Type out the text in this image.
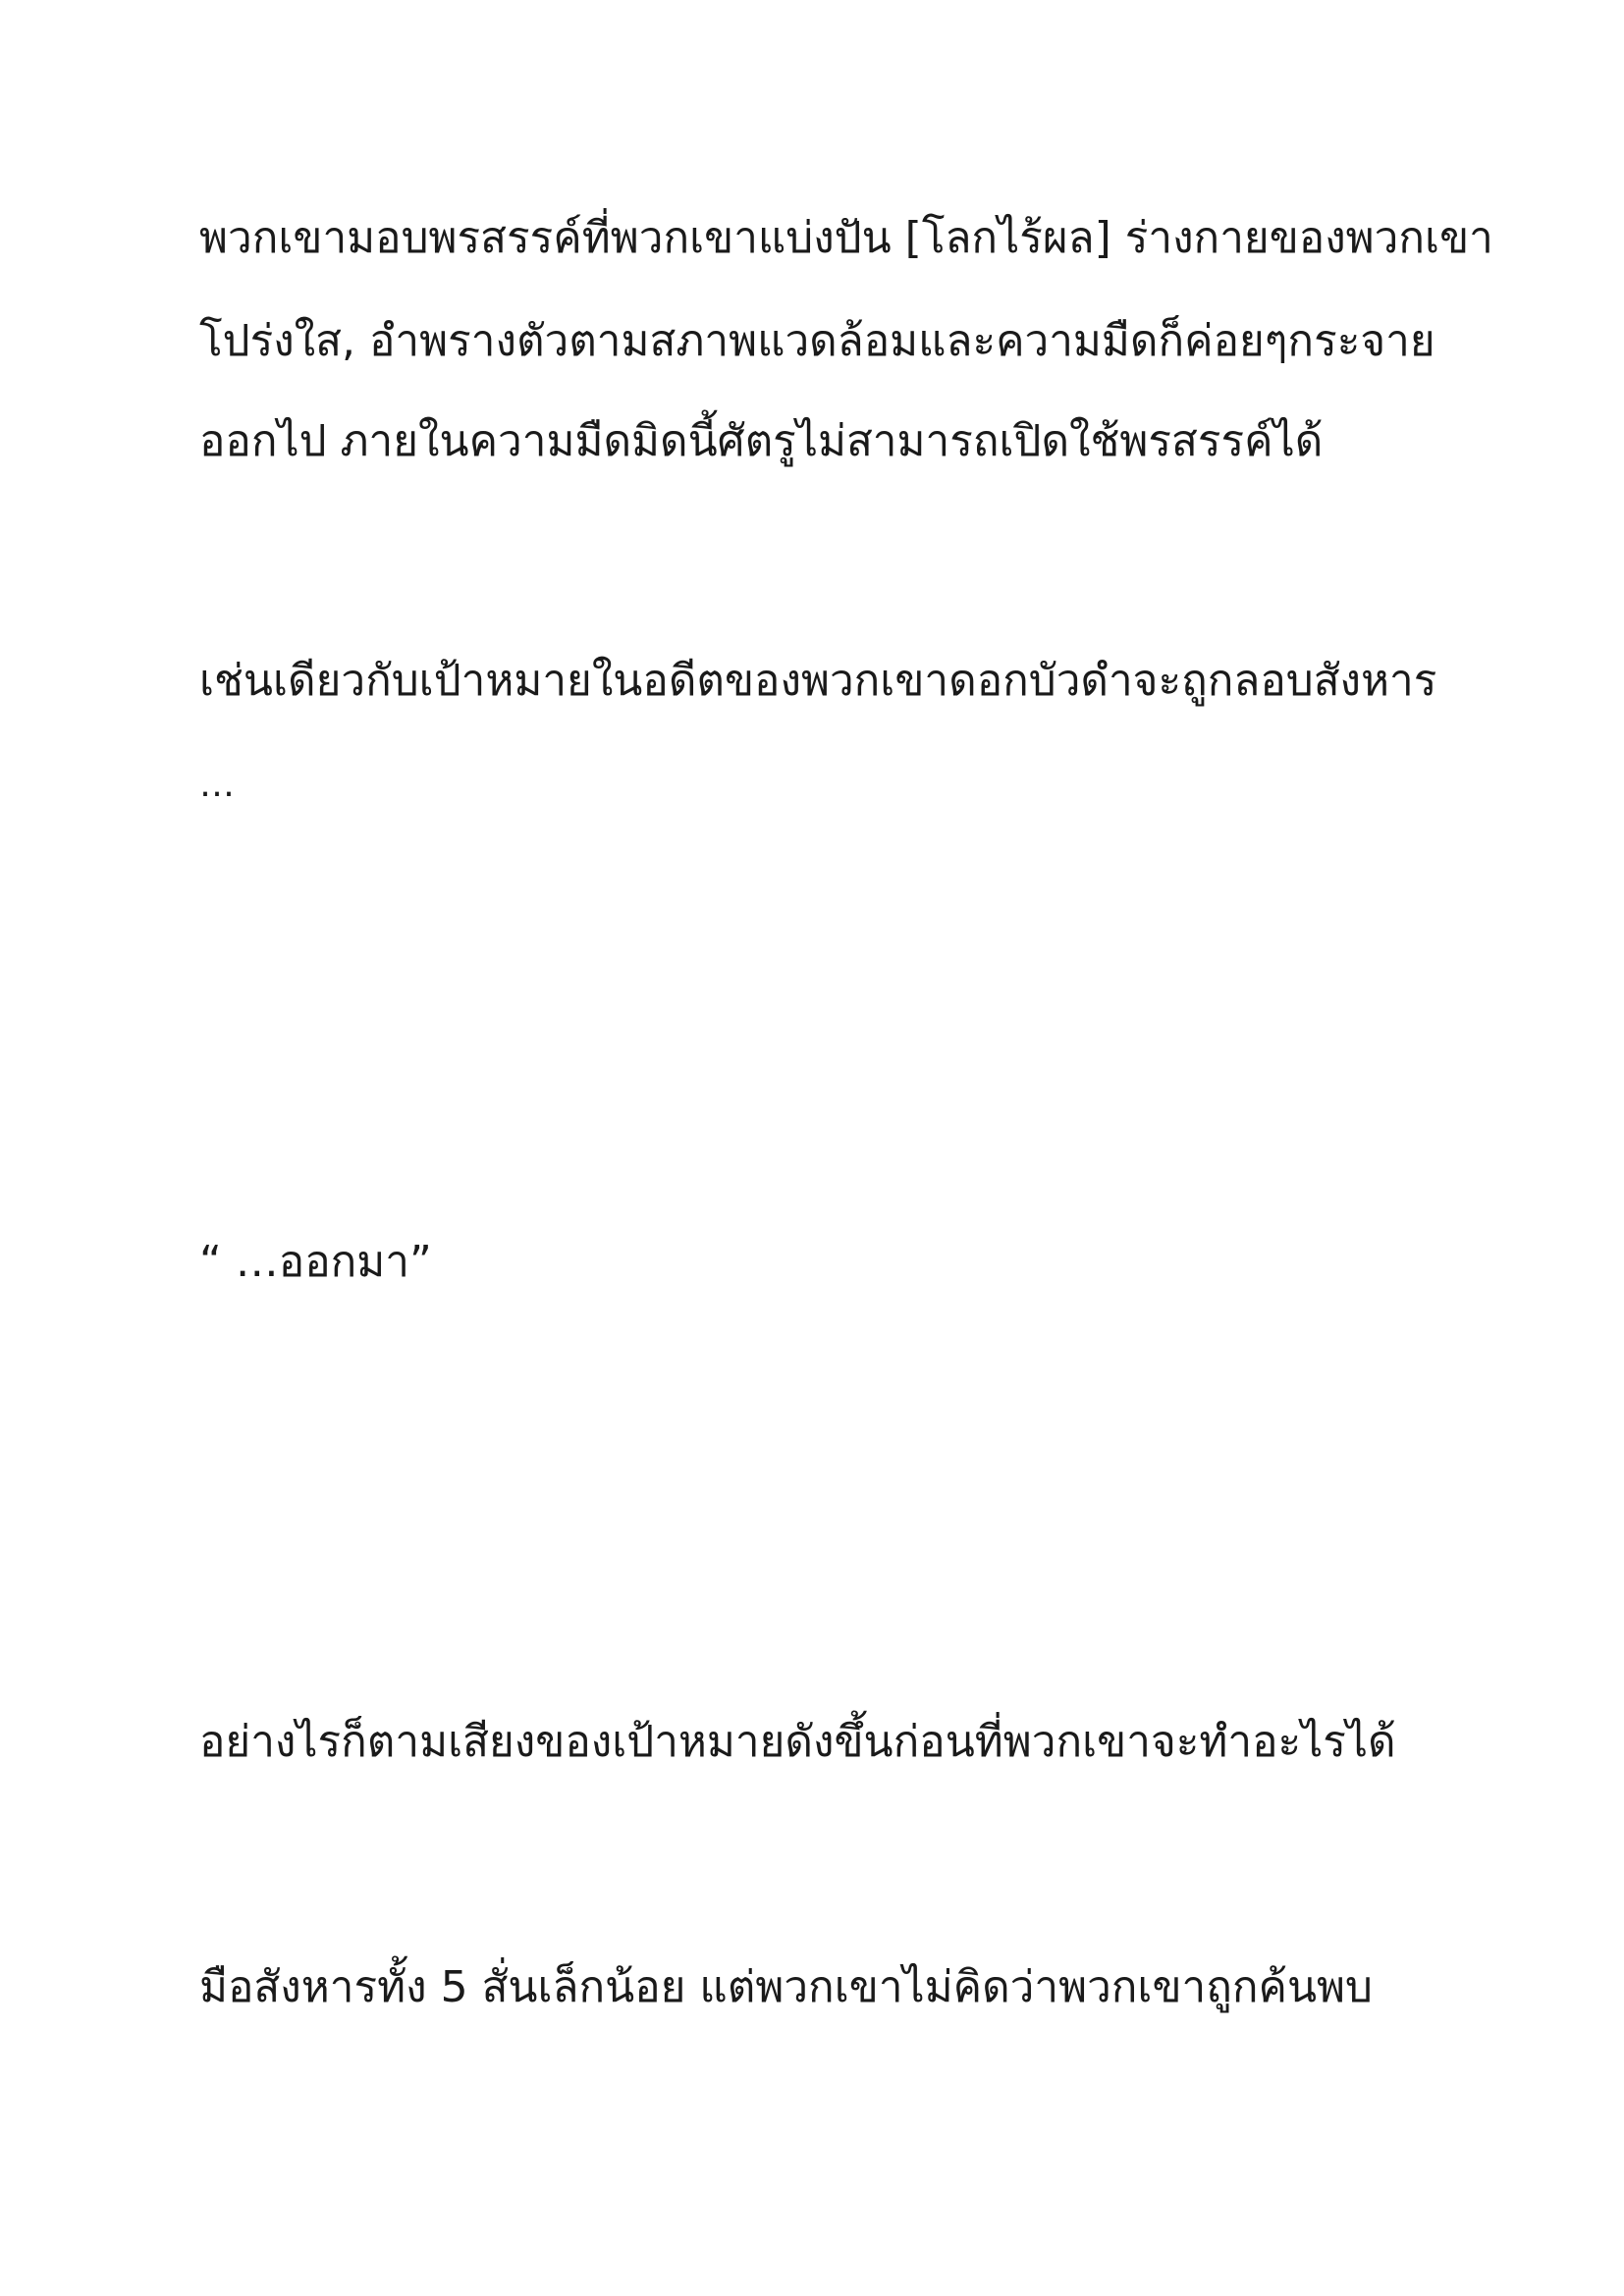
พวกเขามอบพรสรรค์ที่พวกเขาแบ่งปัน [โลกไร้ผล] ร่างกายของพวกเขา

โปร่งใส, อำพรางตัวตามสภาพแวดล้อมและความมืดก็ค่อยๆกระจาย

ออกไป ภายในความมืดมิดนี้ศัตรูไม่สามารถเปิดใช้พรสรรค์ได้

เช่นเดียวกับเป้าหมายในอดีตของพวกเขาดอกบัวดำจะถูกลอบสังหาร

…

“ …ออกมา”

อย่างไรก็ตามเสียงของเป้าหมายดังขึ้นก่อนที่พวกเขาจะทำอะไรได้

มือสังหารทั้ง 5 สั่นเล็กน้อย แต่พวกเขาไม่คิดว่าพวกเขาถูกค้นพบ
